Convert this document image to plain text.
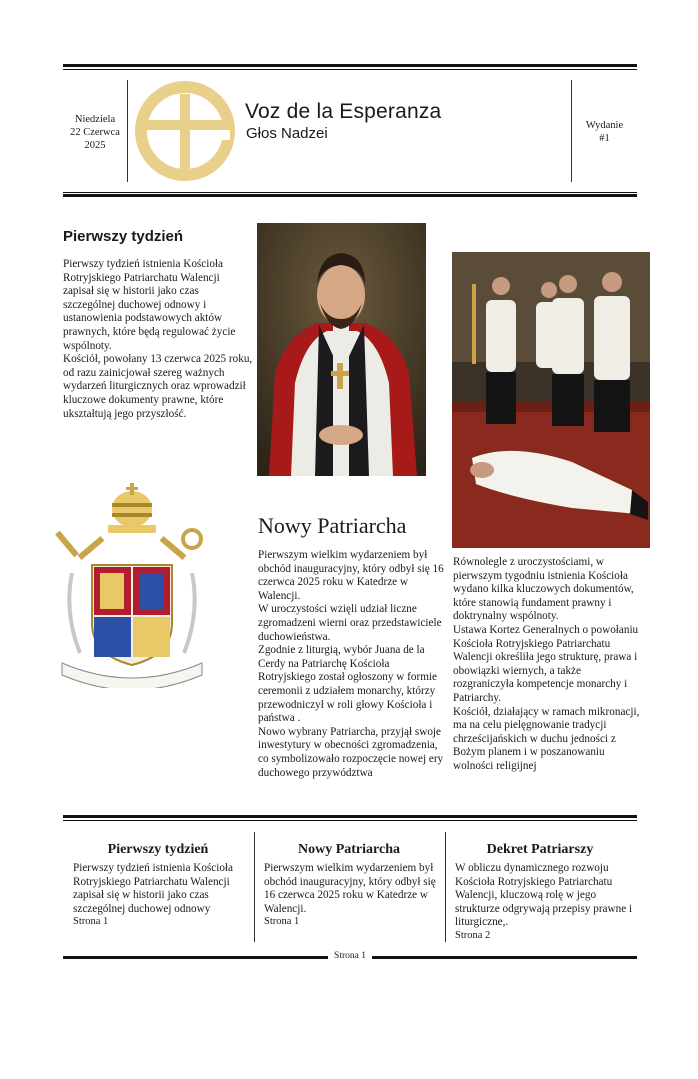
Niedziela
22 Czerwca
2025
Voz de la Esperanza
Głos Nadzei	Wydanie
#1
Pierwszy tydzień

Pierwszy tydzień istnienia Kościoła Rotryjskiego Patriarchatu Walencji zapisał się w historii jako czas szczególnej duchowej odnowy i ustanowienia podstawowych aktów prawnych, które będą regulować życie wspólnoty.

Kościół, powołany 13 czerwca 2025 roku, od razu zainicjował szereg ważnych wydarzeń liturgicznych oraz wprowadził kluczowe dokumenty prawne, które ukształtują jego przyszłość.

Nowy Patriarcha

Pierwszym wielkim wydarzeniem był obchód inauguracyjny, który odbył się 16 czerwca 2025 roku w Katedrze w Walencji.

W uroczystości wzięli udział liczne zgromadzeni wierni oraz przedstawiciele duchowieństwa.

Zgodnie z liturgią, wybór Juana de la Cerdy na Patriarchę Kościoła Rotryjskiego został ogłoszony w formie ceremonii z udziałem monarchy, którzy przewodniczył w roli głowy Kościoła i państwa .

Nowo wybrany Patriarcha, przyjął swoje inwestytury w obecności zgromadzenia, co symbolizowało rozpoczęcie nowej ery duchowego przywództwa

Równolegle z uroczystościami, w pierwszym tygodniu istnienia Kościoła wydano kilka kluczowych dokumentów, które stanowią fundament prawny i doktrynalny wspólnoty.

Ustawa Kortez Generalnych o powołaniu Kościoła Rotryjskiego Patriarchatu Walencji określiła jego strukturę, prawa i obowiązki wiernych, a także rozgraniczyła kompetencje monarchy i Patriarchy.

Kościół, działający w ramach mikronacji, ma na celu pielęgnowanie tradycji chrześcijańskich w duchu jedności z Bożym planem i w poszanowaniu wolności religijnej

Pierwszy tydzień

Pierwszy tydzień istnienia Kościoła Rotryjskiego Patriarchatu Walencji zapisał się w historii jako czas szczególnej duchowej odnowy

Strona 1
Nowy Patriarcha

Pierwszym wielkim wydarzeniem był obchód inauguracyjny, który odbył się 16 czerwca 2025 roku w Katedrze w Walencji.

Strona 1
Dekret Patriarszy

W obliczu dynamicznego rozwoju Kościoła Rotryjskiego Patriarchatu Walencji, kluczową rolę w jego strukturze odgrywają przepisy prawne i liturgiczne,.

Strona 2
Strona 1
